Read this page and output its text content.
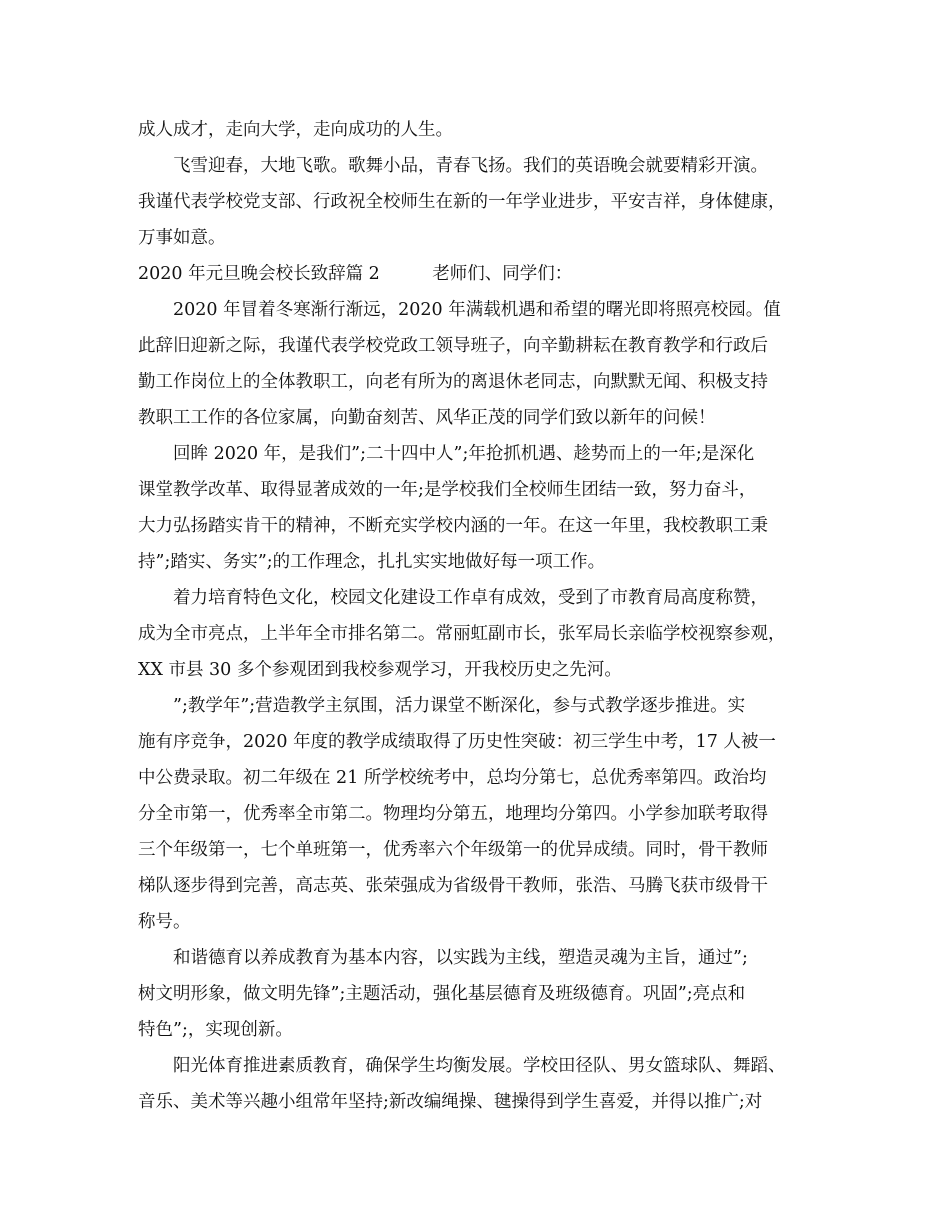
成人成才，走向大学，走向成功的人生。
飞雪迎春，大地飞歌。歌舞小品，青春飞扬。我们的英语晚会就要精彩开演。
我谨代表学校党支部、行政祝全校师生在新的一年学业进步，平安吉祥，身体健康，
万事如意。
2020 年元旦晚会校长致辞篇 2　　　老师们、同学们：
2020 年冒着冬寒渐行渐远，2020 年满载机遇和希望的曙光即将照亮校园。值
此辞旧迎新之际，我谨代表学校党政工领导班子，向辛勤耕耘在教育教学和行政后
勤工作岗位上的全体教职工，向老有所为的离退休老同志，向默默无闻、积极支持
教职工工作的各位家属，向勤奋刻苦、风华正茂的同学们致以新年的问候！
回眸 2020 年，是我们”;二十四中人”;年抢抓机遇、趁势而上的一年;是深化
课堂教学改革、取得显著成效的一年;是学校我们全校师生团结一致，努力奋斗，
大力弘扬踏实肯干的精神，不断充实学校内涵的一年。在这一年里，我校教职工秉
持”;踏实、务实”;的工作理念，扎扎实实地做好每一项工作。
着力培育特色文化，校园文化建设工作卓有成效，受到了市教育局高度称赞，
成为全市亮点，上半年全市排名第二。常丽虹副市长，张军局长亲临学校视察参观，
XX 市县 30 多个参观团到我校参观学习，开我校历史之先河。
”;教学年”;营造教学主氛围，活力课堂不断深化，参与式教学逐步推进。实
施有序竞争，2020 年度的教学成绩取得了历史性突破：初三学生中考，17 人被一
中公费录取。初二年级在 21 所学校统考中，总均分第七，总优秀率第四。政治均
分全市第一，优秀率全市第二。物理均分第五，地理均分第四。小学参加联考取得
三个年级第一，七个单班第一，优秀率六个年级第一的优异成绩。同时，骨干教师
梯队逐步得到完善，高志英、张荣强成为省级骨干教师，张浩、马腾飞获市级骨干
称号。
和谐德育以养成教育为基本内容，以实践为主线，塑造灵魂为主旨，通过”;
树文明形象，做文明先锋”;主题活动，强化基层德育及班级德育。巩固”;亮点和
特色”;，实现创新。
阳光体育推进素质教育，确保学生均衡发展。学校田径队、男女篮球队、舞蹈、
音乐、美术等兴趣小组常年坚持;新改编绳操、毽操得到学生喜爱，并得以推广;对
